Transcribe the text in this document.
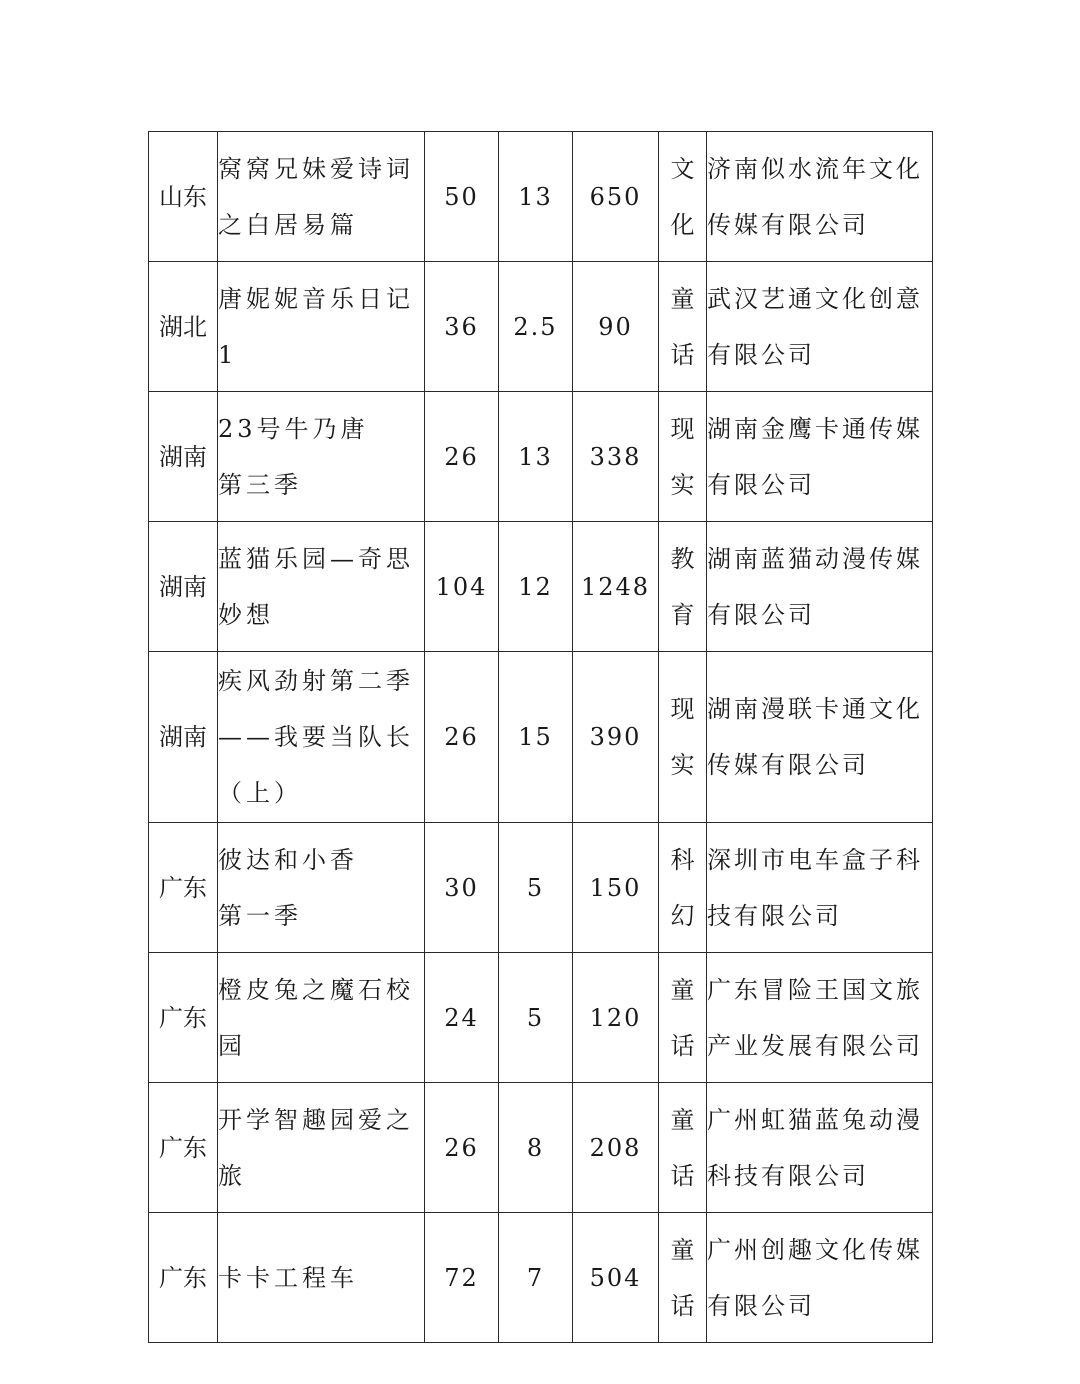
山东	窝窝兄妹爱诗词
之白居易篇	50	13	650	文化	济南似水流年文化
传媒有限公司

湖北	唐妮妮音乐日记1	36	2.5	90	童话	武汉艺通文化创意
有限公司

湖南	23号牛乃唐
第三季	26	13	338	现实	湖南金鹰卡通传媒
有限公司

湖南	蓝猫乐园—奇思
妙想	104	12	1248	教育	湖南蓝猫动漫传媒
有限公司

湖南	疾风劲射第二季
——我要当队长
（上）	26	15	390	现实	湖南漫联卡通文化
传媒有限公司

广东	彼达和小香
第一季	30	5	150	科幻	深圳市电车盒子科
技有限公司

广东	橙皮兔之魔石校
园	24	5	120	童话	广东冒险王国文旅
产业发展有限公司

广东	开学智趣园爱之
旅	26	8	208	童话	广州虹猫蓝兔动漫
科技有限公司

广东	卡卡工程车	72	7	504	童话	广州创趣文化传媒
有限公司
